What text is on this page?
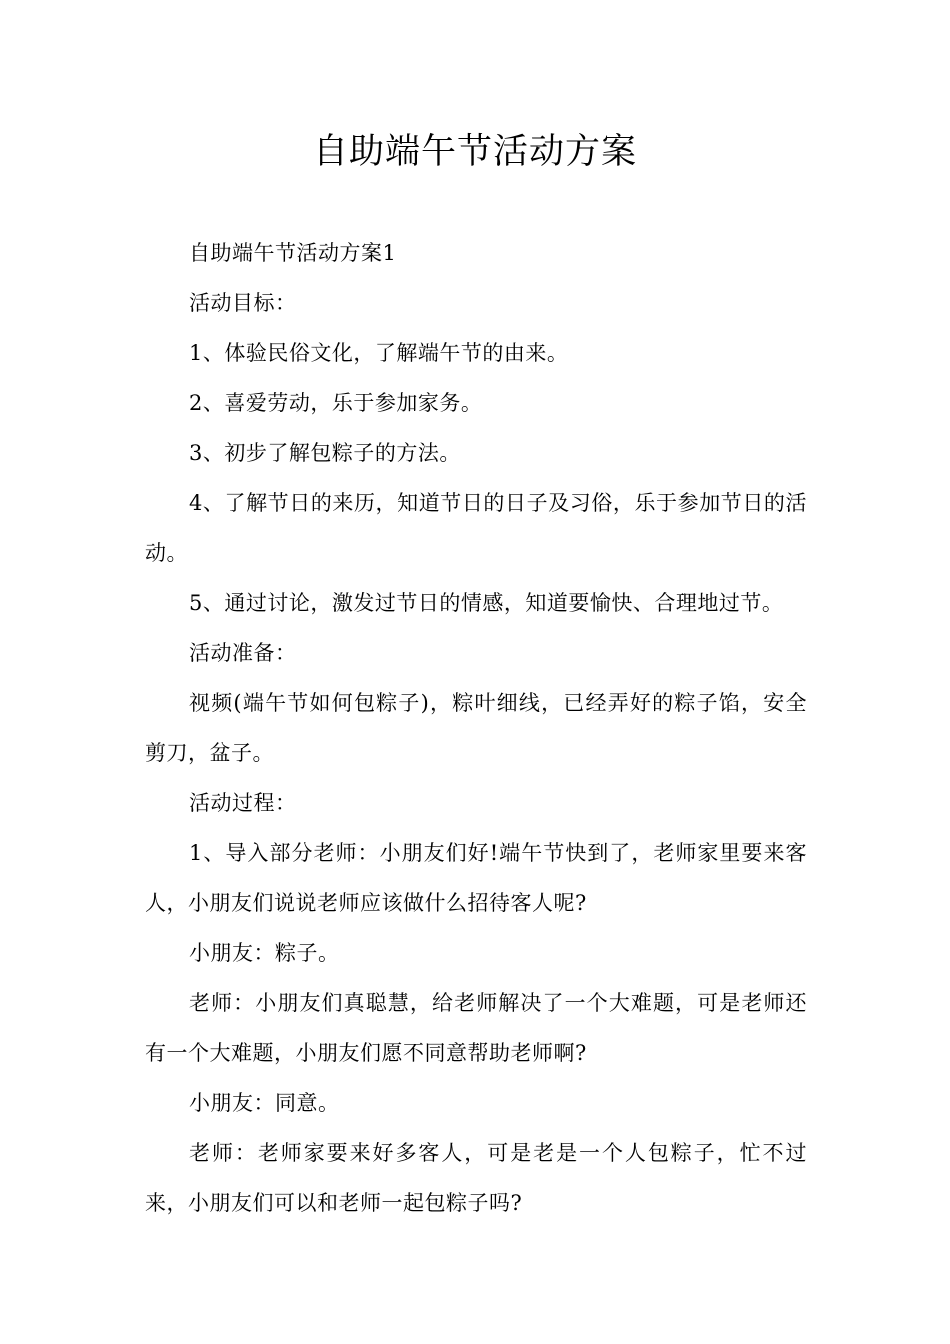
自助端午节活动方案

自助端午节活动方案1

活动目标：

1、体验民俗文化，了解端午节的由来。

2、喜爱劳动，乐于参加家务。

3、初步了解包粽子的方法。

4、了解节日的来历，知道节日的日子及习俗，乐于参加节日的活动。

5、通过讨论，激发过节日的情感，知道要愉快、合理地过节。

活动准备：

视频(端午节如何包粽子)，粽叶细线，已经弄好的粽子馅，安全剪刀，盆子。

活动过程：

1、导入部分老师：小朋友们好!端午节快到了，老师家里要来客人，小朋友们说说老师应该做什么招待客人呢?

小朋友：粽子。

老师：小朋友们真聪慧，给老师解决了一个大难题，可是老师还有一个大难题，小朋友们愿不同意帮助老师啊?

小朋友：同意。

老师：老师家要来好多客人，可是老是一个人包粽子，忙不过来，小朋友们可以和老师一起包粽子吗?
